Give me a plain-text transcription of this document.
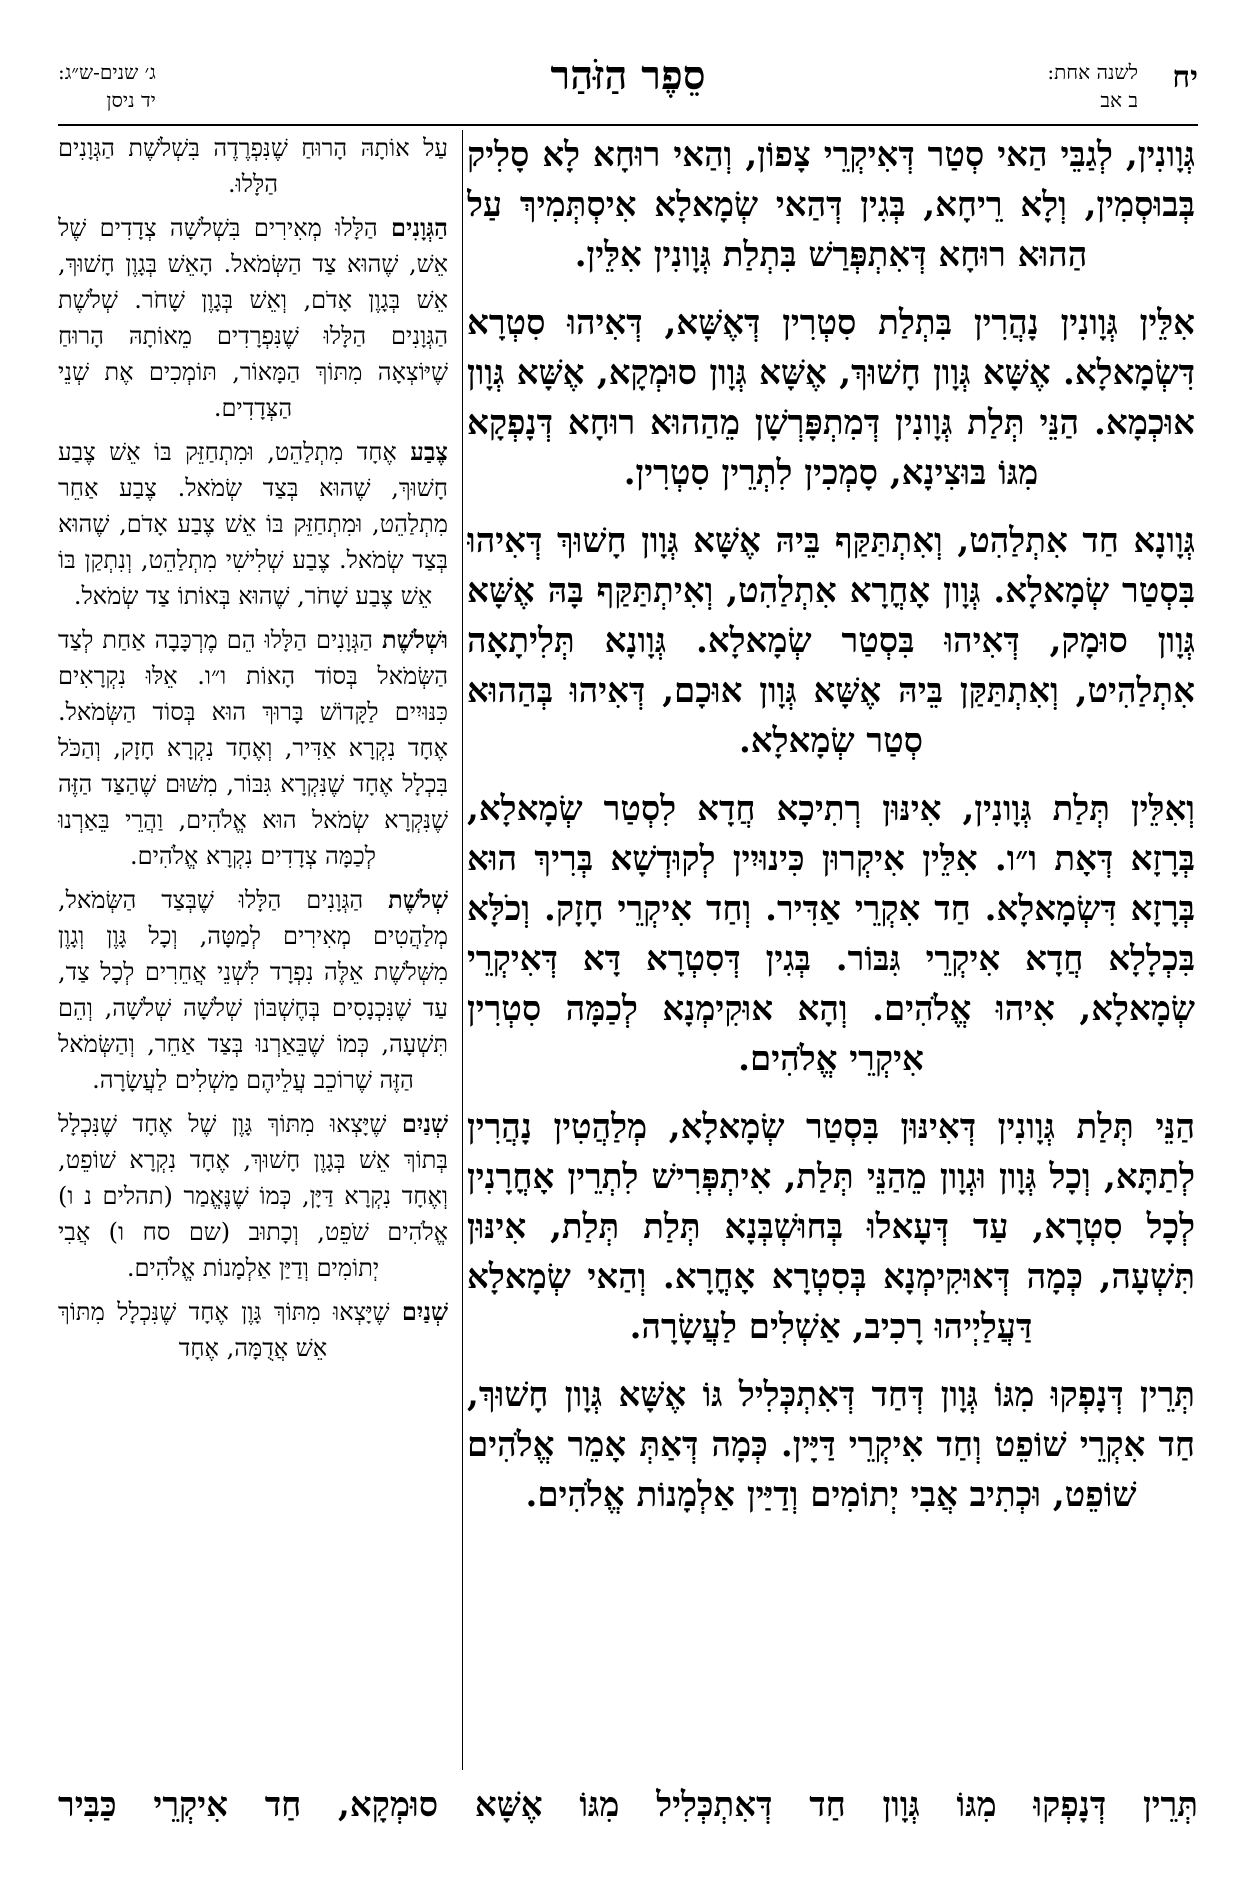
יח
לשנה אחת:
ב אב
סֵפֶר הַזֹּהַר
ג׳ שנים-ש״ג:
יד ניסן

גְּוָונִין, לְגַבֵּי הַאי סְטַר דְּאִיקְרֵי צָפוֹן, וְהַאי רוּחָא לָא סָלִיק בְּבוּסְמִין, וְלָא רֵיחָא, בְּגִין דְּהַאי שְׂמָאלָא אִיסְתְּמִיךְ עַל הַהוּא רוּחָא דְּאִתְפְּרַשׁ בִּתְלַת גְּוָונִין אִלֵּין.

אִלֵּין גְּוָונִין נָהֲרִין בִּתְלַת סִטְרִין דְּאֶשָּׁא, דְּאִיהוּ סִטְרָא דִּשְׂמָאלָא. אֶשָּׁא גְּוָון חָשׁוּךְ, אֶשָּׁא גְּוָון סוּמְקָא, אֶשָּׁא גְּוָון אוּכְמָא. הַנֵּי תְּלַת גְּוָונִין דְּמִתְפָּרְשָׁן מֵהַהוּא רוּחָא דְּנָפְקָא מִגּוֹ בּוּצִינָא, סָמְכִין לִתְרֵין סִטְרִין.

גְּוָונָא חַד אִתְלַהִט, וְאִתְתַּקַּף בֵּיהּ אֶשָּׁא גְּוָון חָשׁוּךְ דְּאִיהוּ בִּסְטַר שְׂמָאלָא. גְּוָון אָחֳרָא אִתְלַהִט, וְאִיתְתַּקַּף בָּהּ אֶשָּׁא גְּוָון סוּמָק, דְּאִיהוּ בִּסְטַר שְׂמָאלָא. גְּוָונָא תְּלִיתָאָה אִתְלַהִיט, וְאִתְתַּקַּן בֵּיהּ אֶשָּׁא גְּוָון אוּכָם, דְּאִיהוּ בְּהַהוּא סְטַר שְׂמָאלָא.

וְאִלֵּין תְּלַת גְּוָונִין, אִינּוּן רְתִיכָא חֲדָא לִסְטַר שְׂמָאלָא, בְּרָזָא דְּאָת ו״ו. אִלֵּין אִיקְרוּן כִּינוּיִין לְקוּדְשָׁא בְּרִיךְ הוּא בְּרָזָא דִּשְׂמָאלָא. חַד אִקְרֵי אַדִּיר. וְחַד אִיקְרֵי חָזָק. וְכֹלָּא בִּכְלָלָא חֲדָא אִיקְרֵי גִּבּוֹר. בְּגִין דְּסִטְרָא דָּא דְּאִיקְרֵי שְׂמָאלָא, אִיהוּ אֱלֹהִים. וְהָא אוּקִימְנָא לְכַמָּה סִטְרִין אִיקְרֵי אֱלֹהִים.

הַנֵּי תְּלַת גְּוָונִין דְּאִינּוּן בִּסְטַר שְׂמָאלָא, מְלַהֲטִין נָהֲרִין לְתַתָּא, וְכָל גְּוָון וּגְוָון מֵהַנֵּי תְּלַת, אִיתְפְּרִישׁ לִתְרֵין אָחֳרָנִין לְכָל סִטְרָא, עַד דְּעָאלוּ בְּחוּשְׁבְּנָא תְּלַת תְּלַת, אִינּוּן תִּשְׁעָה, כְּמָה דְּאוּקִימְנָא בְּסִטְרָא אָחֳרָא. וְהַאי שְׂמָאלָא דַּעֲלַיְיהוּ רָכִיב, אַשְׁלִים לַעֲשָׂרָה.

תְּרֵין דְּנָפְקוּ מִגּוֹ גְּוָון דְּחַד דְּאִתְכְּלִיל גּוֹ אֶשָּׁא גְּוָון חָשׁוּךְ, חַד אִקְרֵי שׁוֹפֵט וְחַד אִיקְרֵי דַּיָּין. כְּמָה דְּאַתְּ אָמֵר אֱלֹהִים שׁוֹפֵט, וּכְתִיב אֲבִי יְתוֹמִים וְדַיַּין אַלְמָנוֹת אֱלֹהִים.

עַל אוֹתָהּ הָרוּחַ שֶׁנִּפְרֶדֶה בִּשְׁלֹשֶׁת הַגְּוָנִים הַלָּלוּ.

הַגְּוָנִים הַלָּלוּ מְאִירִים בִּשְׁלֹשָׁה צְדָדִים שֶׁל אֵשׁ, שֶׁהוּא צַד הַשְּׂמֹאל. הָאֵשׁ בְּגָוֶן חָשׁוּךְ, אֵשׁ בְּגָוֶן אָדֹם, וְאֵשׁ בְּגָוֶן שָׁחֹר. שְׁלֹשֶׁת הַגְּוָנִים הַלָּלוּ שֶׁנִּפְרָדִים מֵאוֹתָהּ הָרוּחַ שֶׁיּוֹצְאָה מִתּוֹךְ הַמָּאוֹר, תּוֹמְכִים אֶת שְׁנֵי הַצְּדָדִים.

צֶבַע אֶחָד מִתְלַהֵט, וּמִתְחַזֵּק בּוֹ אֵשׁ צֶבַע חָשׁוּךְ, שֶׁהוּא בְּצַד שְׂמֹאל. צֶבַע אַחֵר מִתְלַהֵט, וּמִתְחַזֵּק בּוֹ אֵשׁ צֶבַע אָדֹם, שֶׁהוּא בְּצַד שְׂמֹאל. צֶבַע שְׁלִישִׁי מִתְלַהֵט, וְנִתְקַן בּוֹ אֵשׁ צֶבַע שָׁחֹר, שֶׁהוּא בְּאוֹתוֹ צַד שְׂמֹאל.

וּשְׁלֹשֶׁת הַגְּוָנִים הַלָּלוּ הֵם מֶרְכָּבָה אַחַת לְצַד הַשְּׂמֹאל בְּסוֹד הָאוֹת ו״ו. אֵלּוּ נִקְרָאִים כִּנּוּיִים לַקָּדוֹשׁ בָּרוּךְ הוּא בְּסוֹד הַשְּׂמֹאל. אֶחָד נִקְרָא אַדִּיר, וְאֶחָד נִקְרָא חָזָק, וְהַכֹּל בִּכְלָל אֶחָד שֶׁנִּקְרָא גִּבּוֹר, מִשּׁוּם שֶׁהַצַּד הַזֶּה שֶׁנִּקְרָא שְׂמֹאל הוּא אֱלֹהִים, וַהֲרֵי בֵּאַרְנוּ לְכַמָּה צְדָדִים נִקְרָא אֱלֹהִים.

שְׁלֹשֶׁת הַגְּוָנִים הַלָּלוּ שֶׁבְּצַד הַשְּׂמֹאל, מְלַהֲטִים מְאִירִים לְמַטָּה, וְכָל גָּוֶן וְגָוֶן מִשְּׁלֹשֶׁת אֵלֶּה נִפְרָד לִשְׁנֵי אֲחֵרִים לְכָל צַד, עַד שֶׁנִּכְנָסִים בְּחֶשְׁבּוֹן שְׁלֹשָׁה שְׁלֹשָׁה, וְהֵם תִּשְׁעָה, כְּמוֹ שֶׁבֵּאַרְנוּ בְּצַד אַחֵר, וְהַשְּׂמֹאל הַזֶּה שֶׁרוֹכֵב עֲלֵיהֶם מַשְׁלִים לַעֲשָׂרָה.

שְׁנַיִם שֶׁיָּצְאוּ מִתּוֹךְ גָּוֶן שֶׁל אֶחָד שֶׁנִּכְלָל בְּתוֹךְ אֵשׁ בְּגָוֶן חָשׁוּךְ, אֶחָד נִקְרָא שׁוֹפֵט, וְאֶחָד נִקְרָא דַּיָּן, כְּמוֹ שֶׁנֶּאֱמַר (תהלים נ ו) אֱלֹהִים שֹׁפֵט, וְכָתוּב (שם סח ו) אֲבִי יְתוֹמִים וְדַיַּן אַלְמָנוֹת אֱלֹהִים.

שְׁנַיִם שֶׁיָּצְאוּ מִתּוֹךְ גָּוֶן אֶחָד שֶׁנִּכְלָל מִתּוֹךְ אֵשׁ אֲדֻמָּה, אֶחָד

תְּרֵין דְּנָפְקוּ מִגּוֹ גְּוָון חַד דְּאִתְכְּלִיל מִגּוֹ אֶשָּׁא סוּמְקָא, חַד אִיקְרֵי כַּבִּיר
